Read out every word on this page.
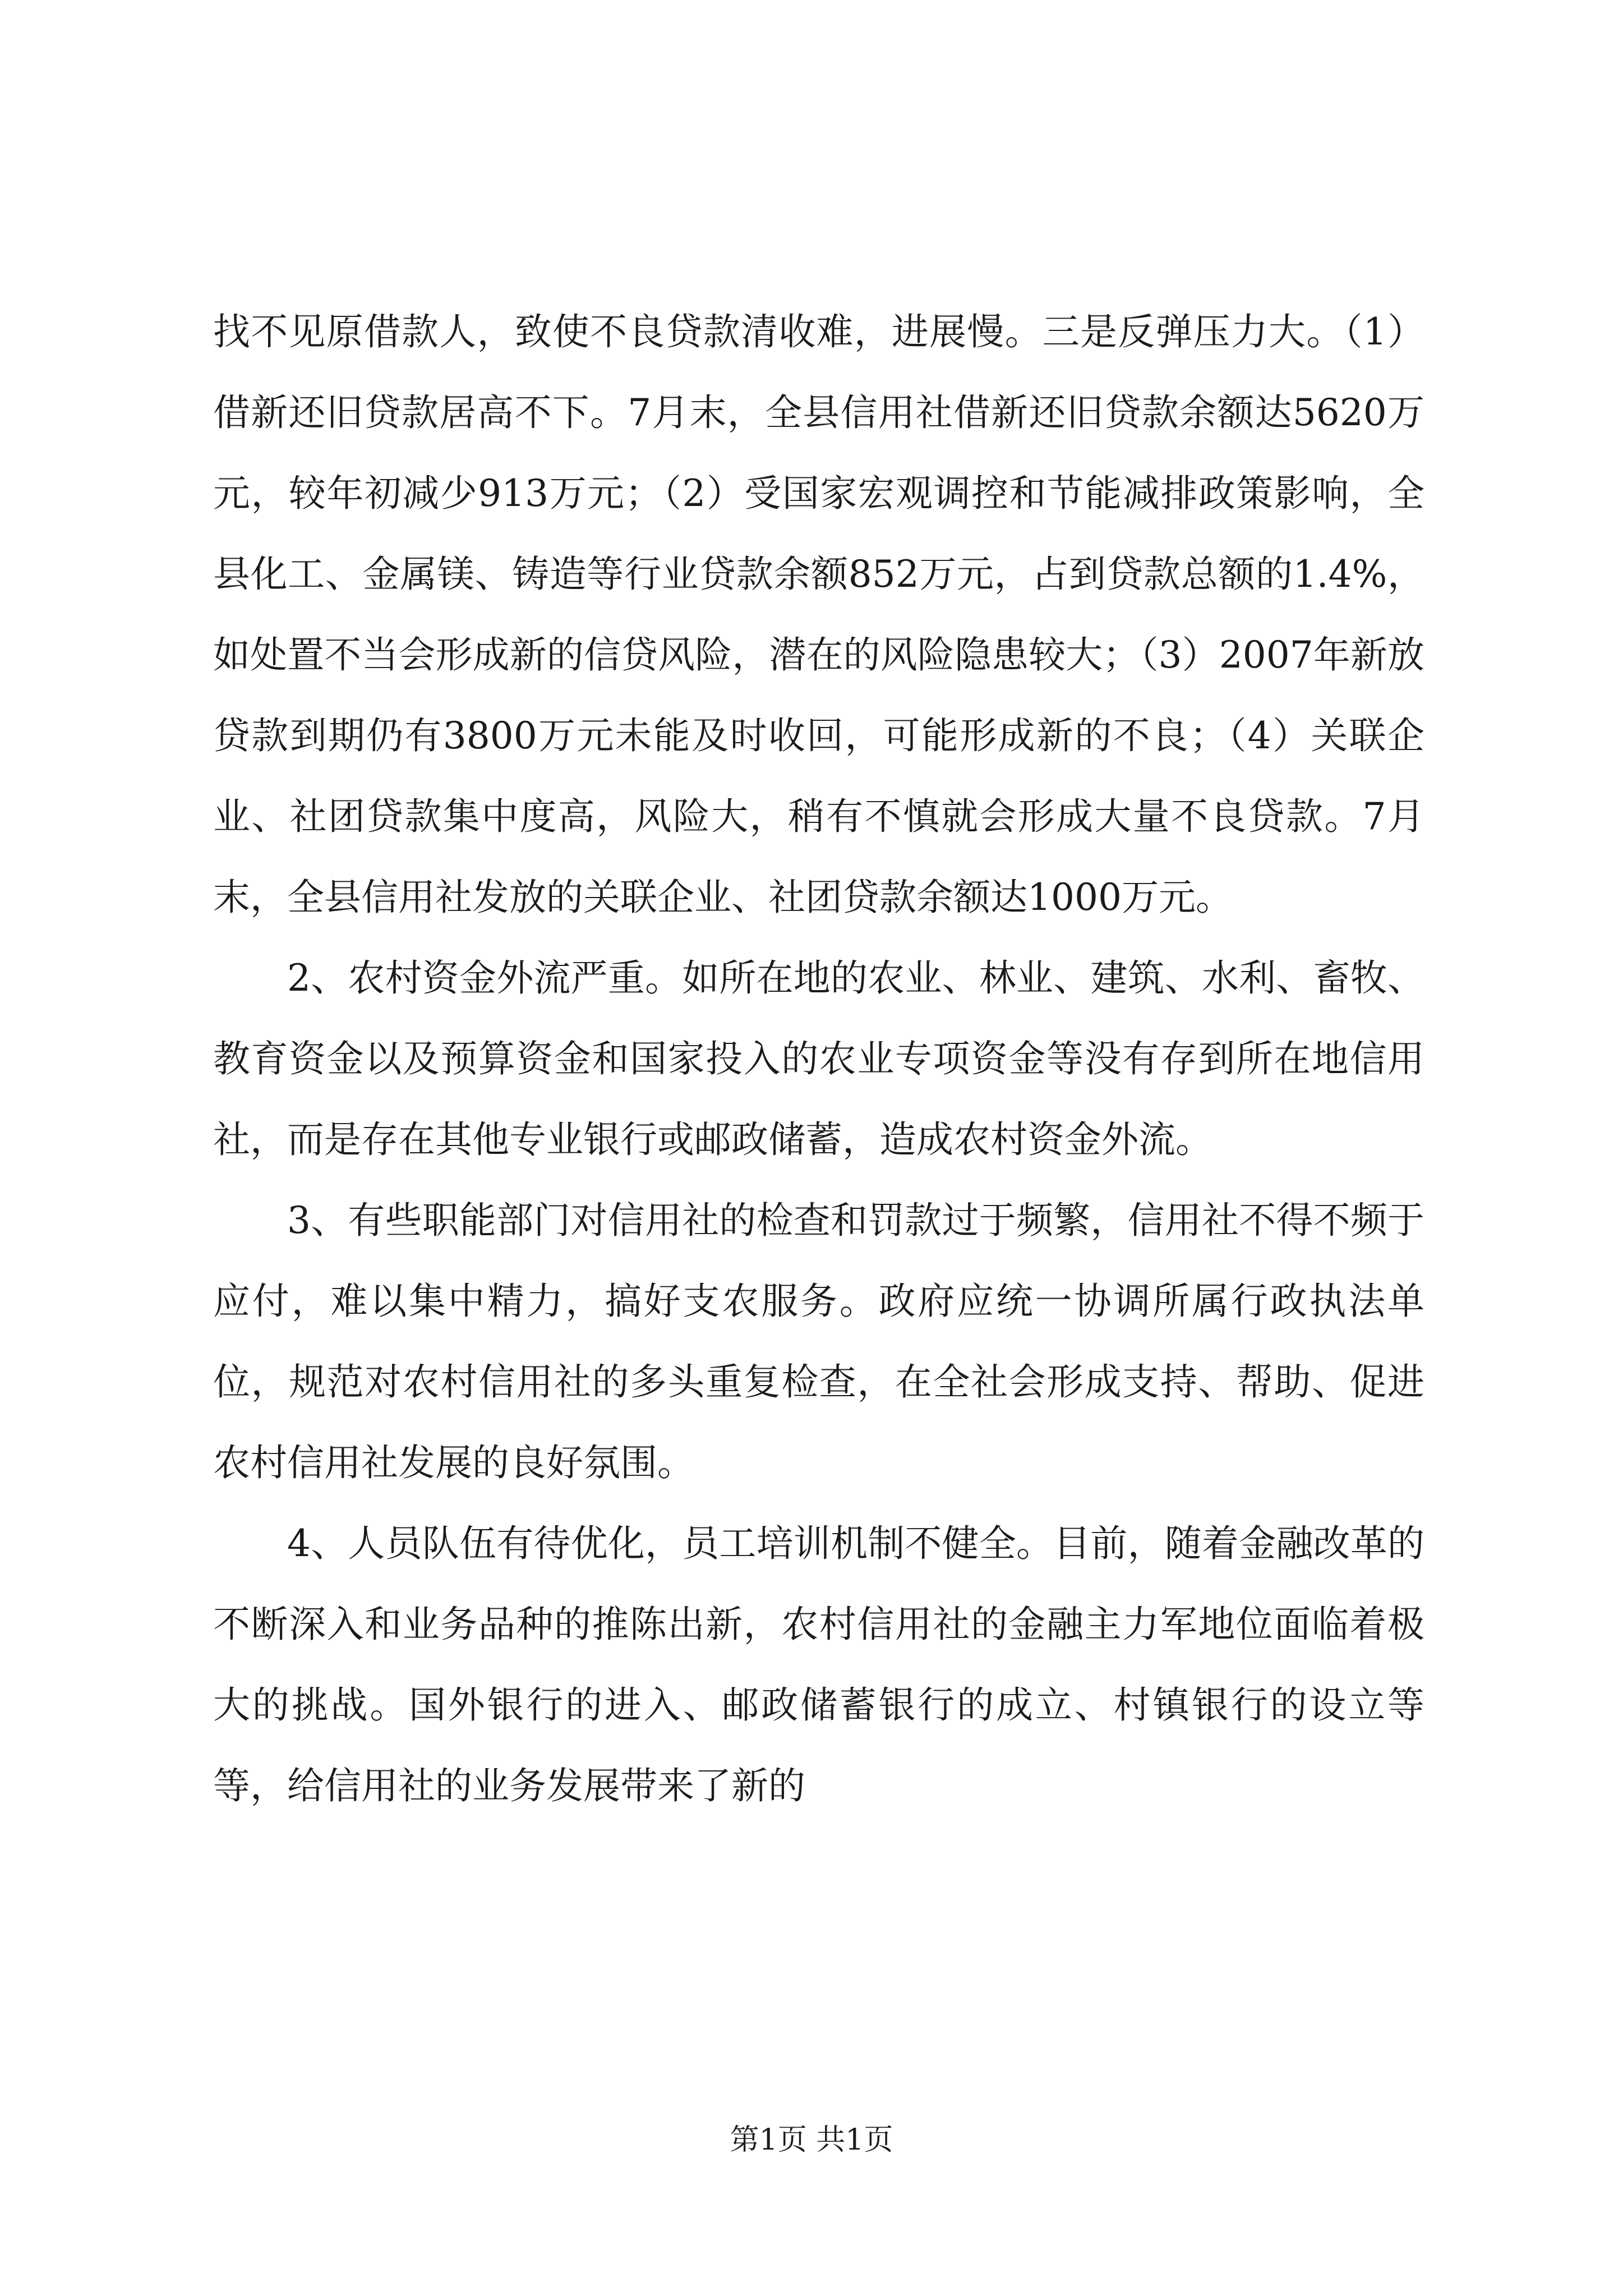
找不见原借款人，致使不良贷款清收难，进展慢。三是反弹压力大。（1）借新还旧贷款居高不下。7月末，全县信用社借新还旧贷款余额达5620万元，较年初减少913万元；（2）受国家宏观调控和节能减排政策影响，全县化工、金属镁、铸造等行业贷款余额852万元，占到贷款总额的1.4%，如处置不当会形成新的信贷风险，潜在的风险隐患较大；（3）2007年新放贷款到期仍有3800万元未能及时收回，可能形成新的不良；（4）关联企业、社团贷款集中度高，风险大，稍有不慎就会形成大量不良贷款。7月末，全县信用社发放的关联企业、社团贷款余额达1000万元。

2、农村资金外流严重。如所在地的农业、林业、建筑、水利、畜牧、教育资金以及预算资金和国家投入的农业专项资金等没有存到所在地信用社，而是存在其他专业银行或邮政储蓄，造成农村资金外流。

3、有些职能部门对信用社的检查和罚款过于频繁，信用社不得不频于应付，难以集中精力，搞好支农服务。政府应统一协调所属行政执法单位，规范对农村信用社的多头重复检查，在全社会形成支持、帮助、促进农村信用社发展的良好氛围。

4、人员队伍有待优化，员工培训机制不健全。目前，随着金融改革的不断深入和业务品种的推陈出新，农村信用社的金融主力军地位面临着极大的挑战。国外银行的进入、邮政储蓄银行的成立、村镇银行的设立等等，给信用社的业务发展带来了新的

第1页 共1页
